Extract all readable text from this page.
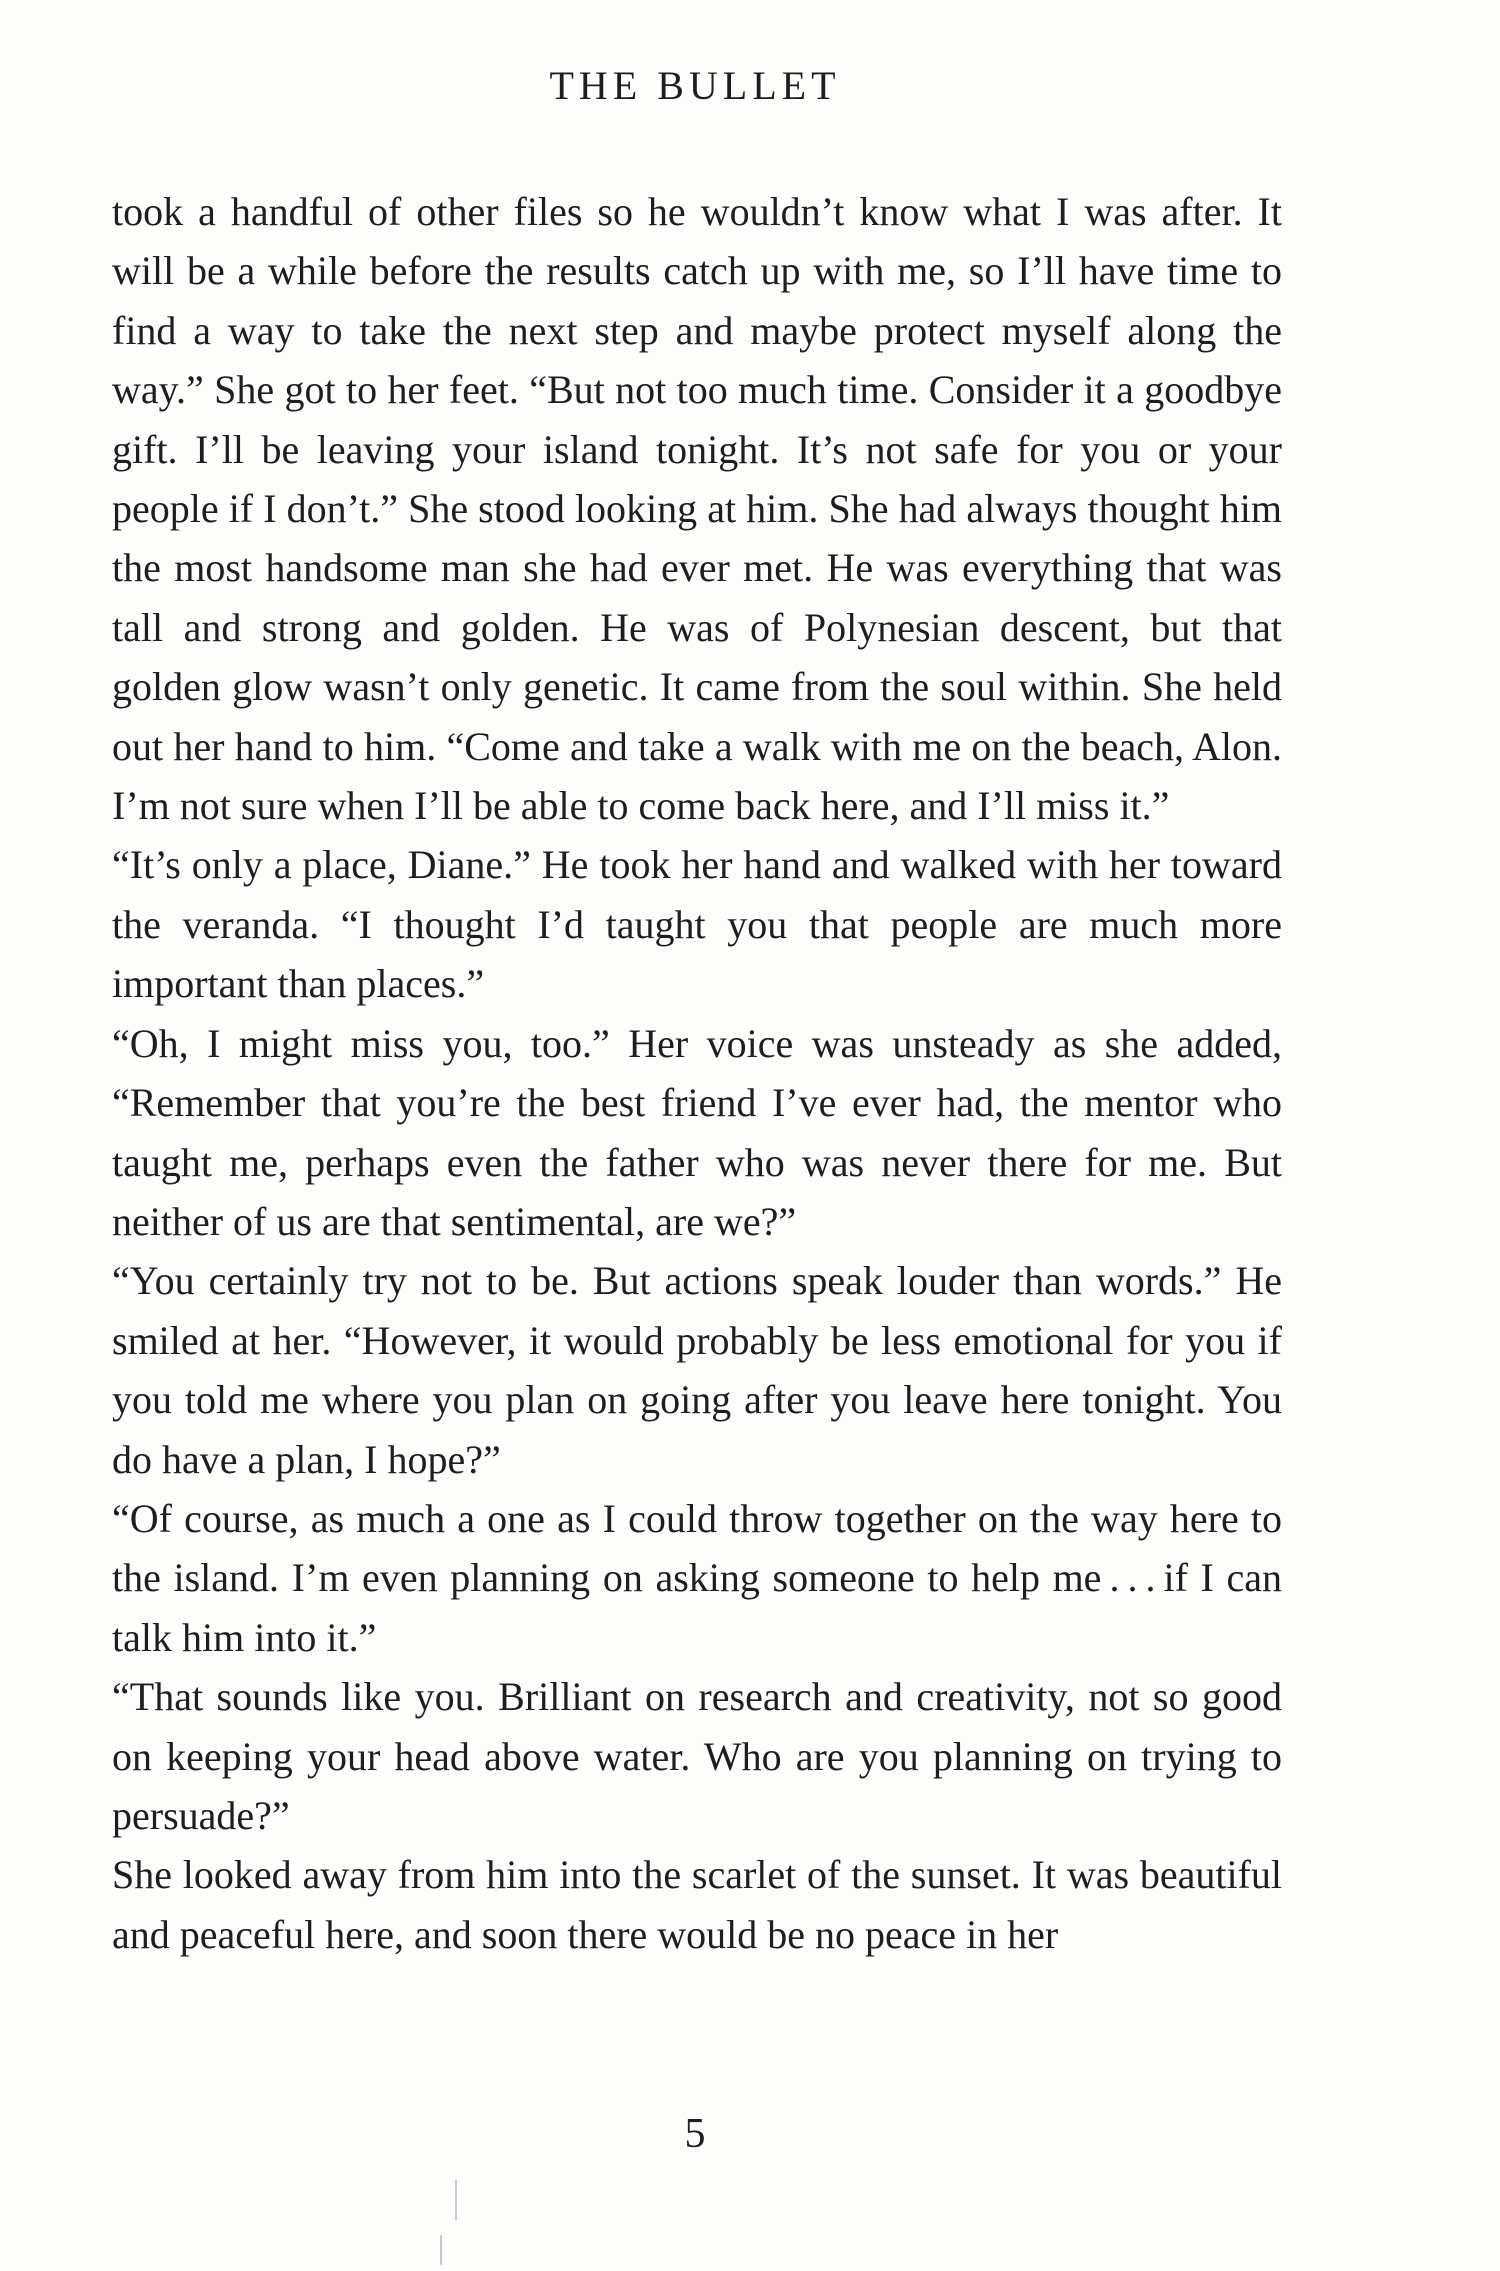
THE BULLET

took a handful of other files so he wouldn’t know what I was after. It will be a while before the results catch up with me, so I’ll have time to find a way to take the next step and maybe protect myself along the way.” She got to her feet. “But not too much time. Consider it a goodbye gift. I’ll be leaving your island tonight. It’s not safe for you or your people if I don’t.” She stood looking at him. She had always thought him the most handsome man she had ever met. He was everything that was tall and strong and golden. He was of Polynesian descent, but that golden glow wasn’t only genetic. It came from the soul within. She held out her hand to him. “Come and take a walk with me on the beach, Alon. I’m not sure when I’ll be able to come back here, and I’ll miss it.”

“It’s only a place, Diane.” He took her hand and walked with her toward the veranda. “I thought I’d taught you that people are much more important than places.”

“Oh, I might miss you, too.” Her voice was unsteady as she added, “Remember that you’re the best friend I’ve ever had, the mentor who taught me, perhaps even the father who was never there for me. But neither of us are that sentimental, are we?”

“You certainly try not to be. But actions speak louder than words.” He smiled at her. “However, it would probably be less emotional for you if you told me where you plan on going after you leave here tonight. You do have a plan, I hope?”

“Of course, as much a one as I could throw together on the way here to the island. I’m even planning on asking someone to help me . . . if I can talk him into it.”

“That sounds like you. Brilliant on research and creativity, not so good on keeping your head above water. Who are you planning on trying to persuade?”

She looked away from him into the scarlet of the sunset. It was beautiful and peaceful here, and soon there would be no peace in her

5
